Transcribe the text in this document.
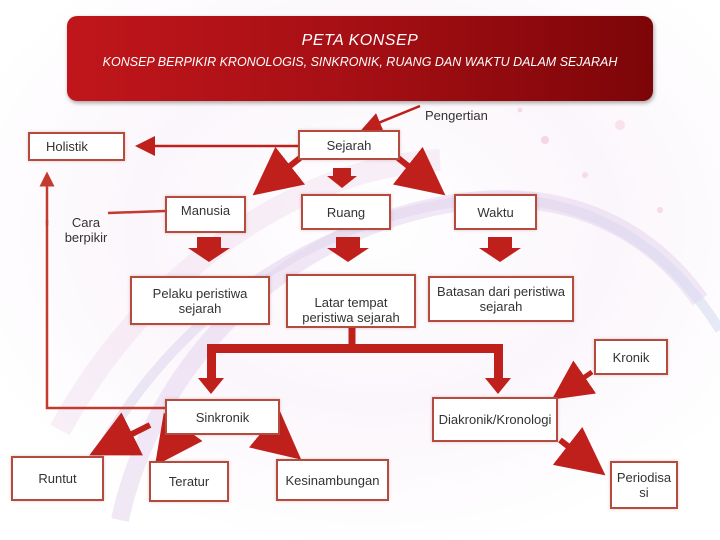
PETA KONSEP
KONSEP BERPIKIR KRONOLOGIS, SINKRONIK, RUANG DAN WAKTU DALAM SEJARAH
Pengertian
Cara berpikir
Sejarah
Holistik
Manusia	Ruang	Waktu
Pelaku peristiwa sejarah	Latar tempat peristiwa sejarah
Batasan dari peristiwa sejarah
Kronik
Sinkronik	Diakronik/Kronologi
Runtut	Teratur	Kesinambungan	Periodisasi
